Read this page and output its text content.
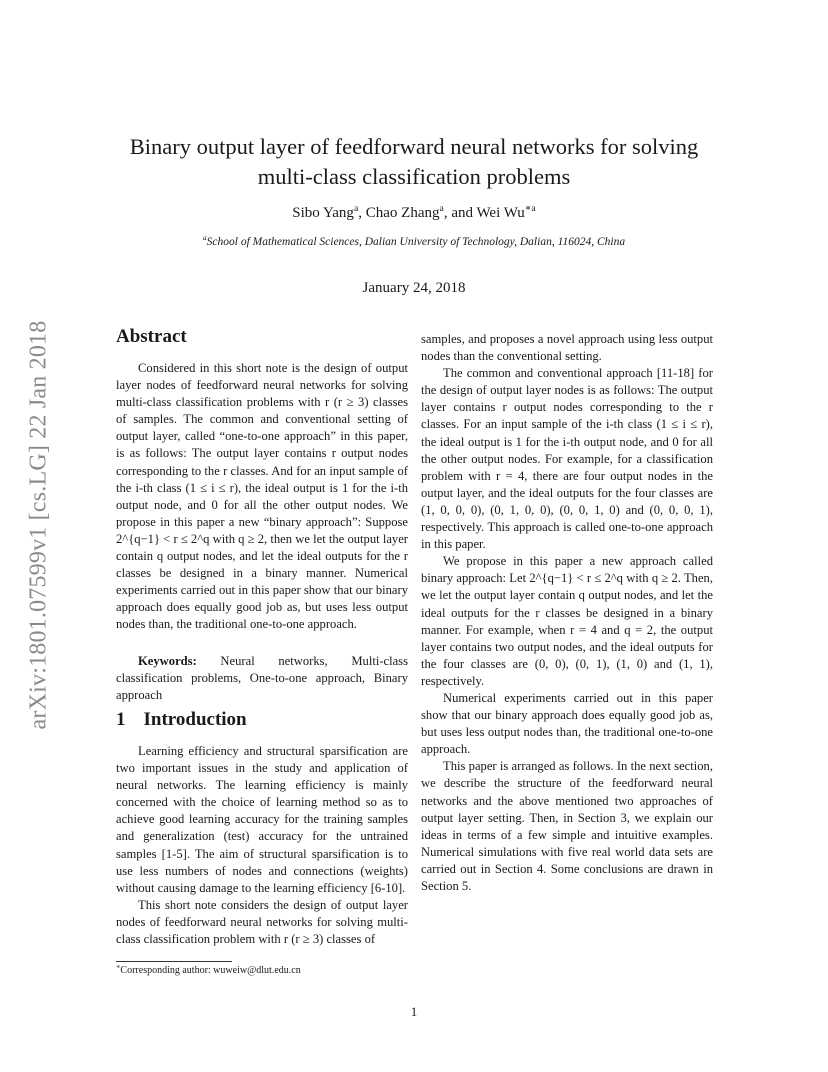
arXiv:1801.07599v1 [cs.LG] 22 Jan 2018
Binary output layer of feedforward neural networks for solving
multi-class classification problems
Sibo Yang$^a$, Chao Zhang$^a$, and Wei $Wu^{∗a}$
$^a$School of Mathematical Sciences, Dalian University of Technology, Dalian, 116024, China
January 24, 2018
Abstract

Considered in this short note is the design of output layer nodes of feedforward neural networks for solving multi-class classification problems with r (r ≥ 3) classes of samples. The common and conventional setting of output layer, called “one-to-one approach” in this paper, is as follows: The output layer contains r output nodes corresponding to the r classes. And for an input sample of the i-th class (1 ≤ i ≤ r), the ideal output is 1 for the i-th output node, and 0 for all the other output nodes. We propose in this paper a new “binary approach”: Suppose 2^{q−1} < r ≤ 2^q with q ≥ 2, then we let the output layer contain q output nodes, and let the ideal outputs for the r classes be designed in a binary manner. Numerical experiments carried out in this paper show that our binary approach does equally good job as, but uses less output nodes than, the traditional one-to-one approach.

Keywords: Neural networks, Multi-class classification problems, One-to-one approach, Binary approach
1 Introduction

Learning efficiency and structural sparsification are two important issues in the study and application of neural networks. The learning efficiency is mainly concerned with the choice of learning method so as to achieve good learning accuracy for the training samples and generalization (test) accuracy for the untrained samples [1-5]. The aim of structural sparsification is to use less numbers of nodes and connections (weights) without causing damage to the learning efficiency [6-10].

This short note considers the design of output layer nodes of feedforward neural networks for solving multi-class classification problem with r (r ≥ 3) classes of

samples, and proposes a novel approach using less output nodes than the conventional setting.

The common and conventional approach [11-18] for the design of output layer nodes is as follows: The output layer contains r output nodes corresponding to the r classes. For an input sample of the i-th class (1 ≤ i ≤ r), the ideal output is 1 for the i-th output node, and 0 for all the other output nodes. For example, for a classification problem with r = 4, there are four output nodes in the output layer, and the ideal outputs for the four classes are (1, 0, 0, 0), (0, 1, 0, 0), (0, 0, 1, 0) and (0, 0, 0, 1), respectively. This approach is called one-to-one approach in this paper.

We propose in this paper a new approach called binary approach: Let 2^{q−1} < r ≤ 2^q with q ≥ 2. Then, we let the output layer contain q output nodes, and let the ideal outputs for the r classes be designed in a binary manner. For example, when r = 4 and q = 2, the output layer contains two output nodes, and the ideal outputs for the four classes are (0, 0), (0, 1), (1, 0) and (1, 1), respectively.

Numerical experiments carried out in this paper show that our binary approach does equally good job as, but uses less output nodes than, the traditional one-to-one approach.

This paper is arranged as follows. In the next section, we describe the structure of the feedforward neural networks and the above mentioned two approaches of output layer setting. Then, in Section 3, we explain our ideas in terms of a few simple and intuitive examples. Numerical simulations with five real world data sets are carried out in Section 4. Some conclusions are drawn in Section 5.

∗Corresponding author: wuweiw@dlut.edu.cn
1
